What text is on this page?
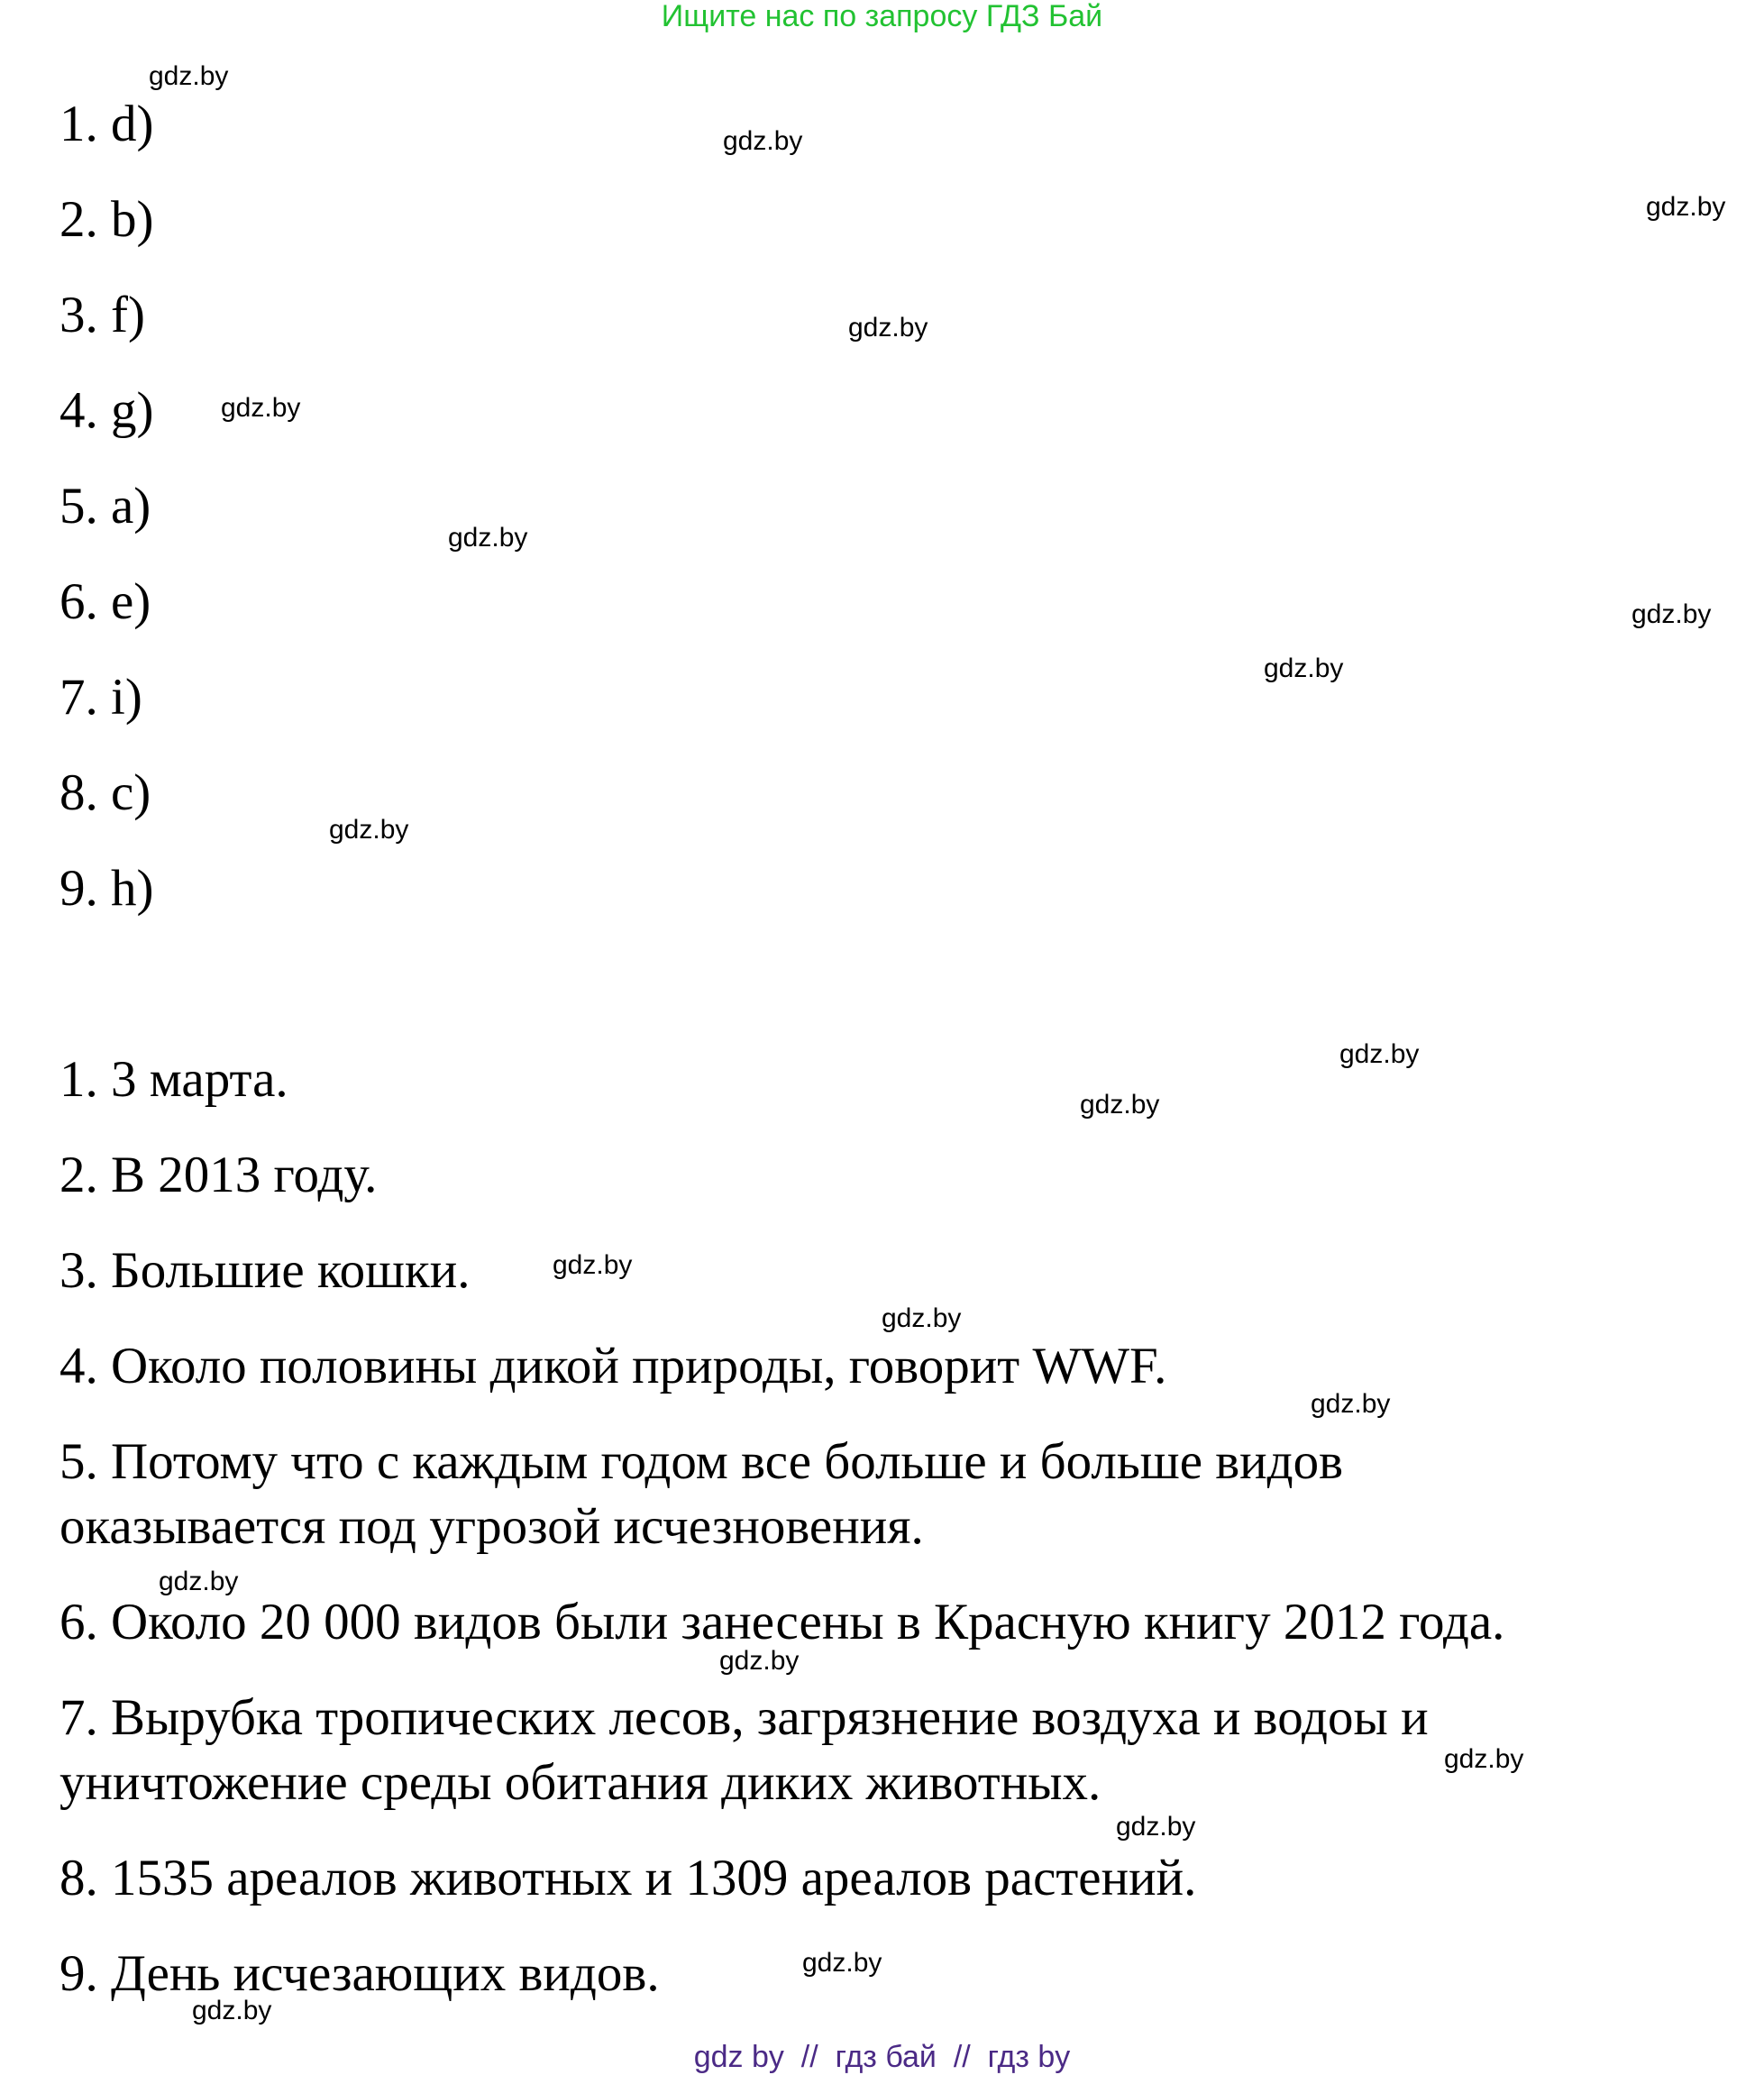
Ищите нас по запросу ГДЗ Бай
1. d)
2. b)
3. f)
4. g)
5. a)
6. e)
7. i)
8. c)
9. h)
1. 3 марта.
2. В 2013 году.
3. Большие кошки.
4. Около половины дикой природы, говорит WWF.
5. Потому что с каждым годом все больше и больше видов
оказывается под угрозой исчезновения.
6. Около 20 000 видов были занесены в Красную книгу 2012 года.
7. Вырубка тропических лесов, загрязнение воздуха и водоы и
уничтожение среды обитания диких животных.
8. 1535 ареалов животных и 1309 ареалов растений.
9. День исчезающих видов.
gdz.by
gdz.by
gdz.by
gdz.by
gdz.by
gdz.by
gdz.by
gdz.by
gdz.by
gdz.by
gdz.by
gdz.by
gdz.by
gdz.by
gdz.by
gdz.by
gdz.by
gdz.by
gdz.by
gdz.by
gdz by  //  гдз бай  //  гдз by
